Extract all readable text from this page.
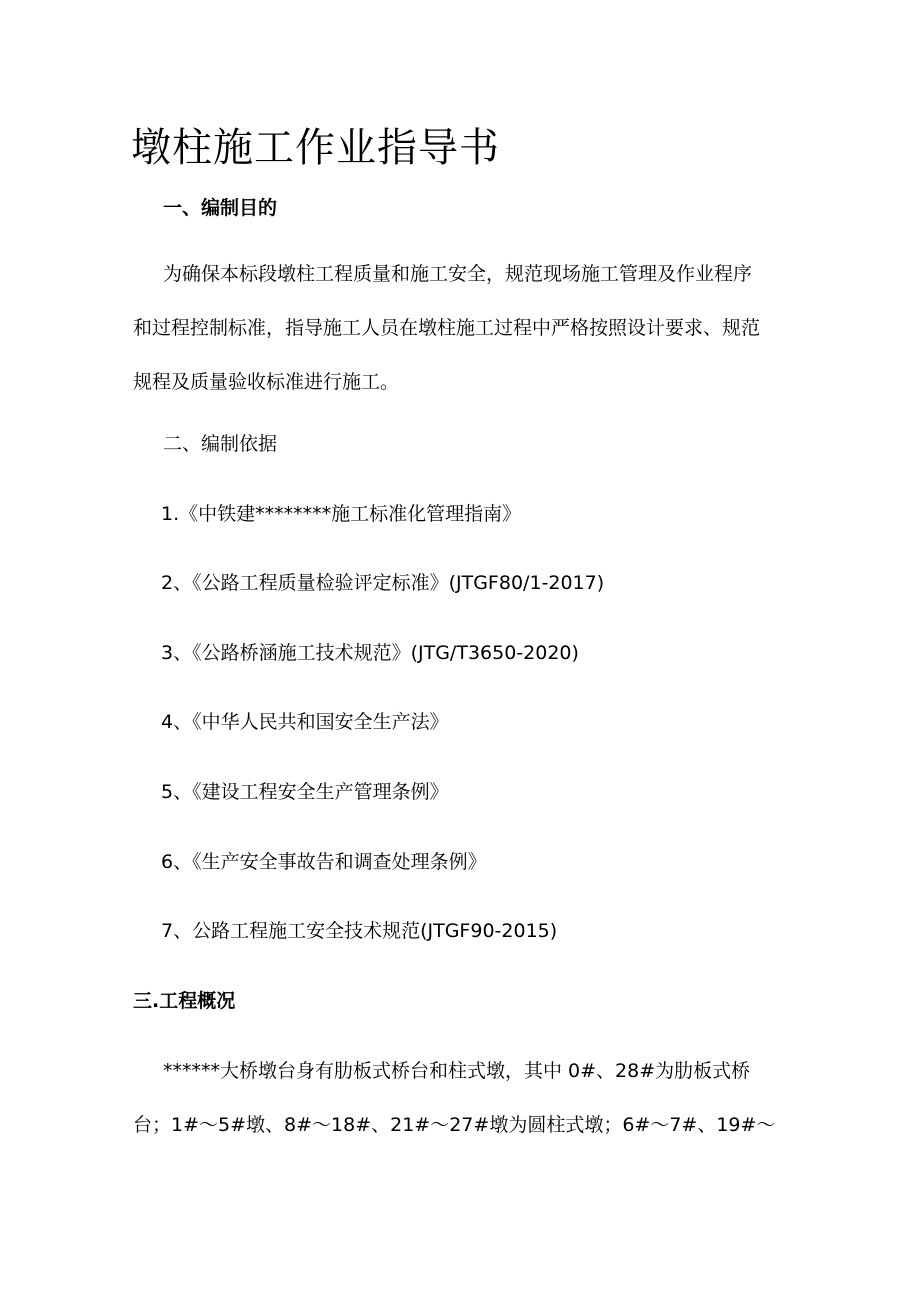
墩柱施工作业指导书
一、编制目的
为确保本标段墩柱工程质量和施工安全，规范现场施工管理及作业程序
和过程控制标准，指导施工人员在墩柱施工过程中严格按照设计要求、规范
规程及质量验收标准进行施工。
二、编制依据
1.《中铁建********施工标准化管理指南》
2、《公路工程质量检验评定标准》(JTGF80/1-2017)
3、《公路桥涵施工技术规范》(JTG/T3650-2020)
4、《中华人民共和国安全生产法》
5、《建设工程安全生产管理条例》
6、《生产安全事故告和调查处理条例》
7、公路工程施工安全技术规范(JTGF90-2015)
三.工程概况
******大桥墩台身有肋板式桥台和柱式墩，其中 0#、28#为肋板式桥
台；1#～5#墩、8#～18#、21#～27#墩为圆柱式墩；6#～7#、19#～
